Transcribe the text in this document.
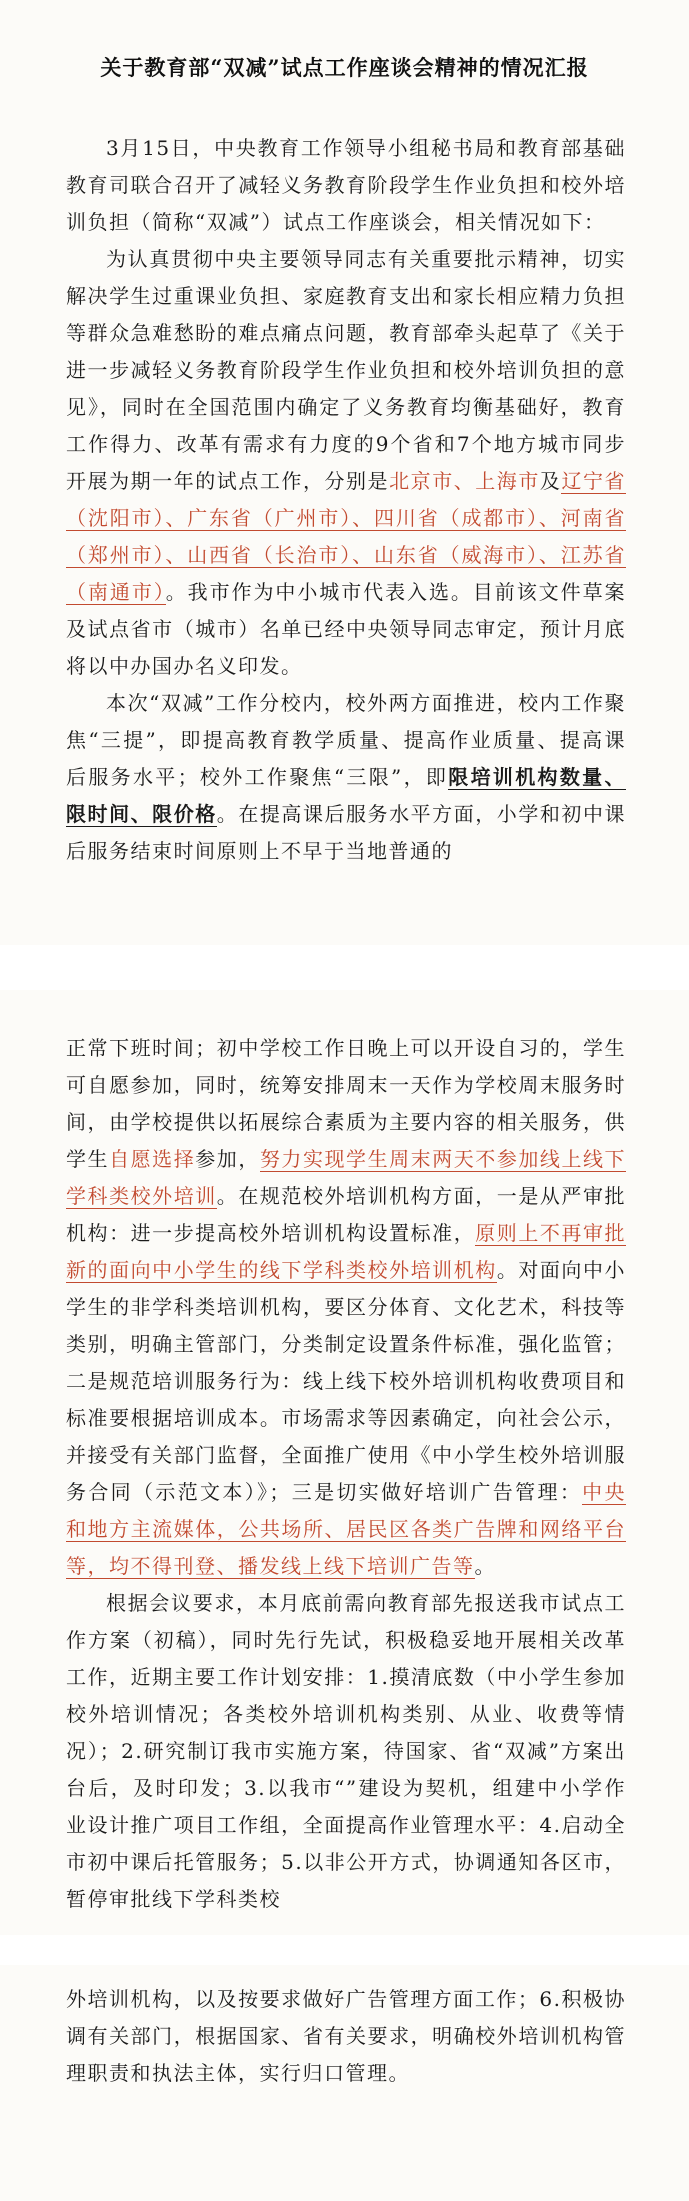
关于教育部“双减”试点工作座谈会精神的情况汇报

3月15日，中央教育工作领导小组秘书局和教育部基础教育司联合召开了减轻义务教育阶段学生作业负担和校外培训负担（简称“双减”）试点工作座谈会，相关情况如下：

为认真贯彻中央主要领导同志有关重要批示精神，切实解决学生过重课业负担、家庭教育支出和家长相应精力负担等群众急难愁盼的难点痛点问题，教育部牵头起草了《关于进一步减轻义务教育阶段学生作业负担和校外培训负担的意见》，同时在全国范围内确定了义务教育均衡基础好，教育工作得力、改革有需求有力度的9个省和7个地方城市同步开展为期一年的试点工作，分别是北京市、上海市及辽宁省（沈阳市）、广东省（广州市）、四川省（成都市）、河南省（郑州市）、山西省（长治市）、山东省（威海市）、江苏省（南通市）。我市作为中小城市代表入选。目前该文件草案及试点省市（城市）名单已经中央领导同志审定，预计月底将以中办国办名义印发。

本次“双减”工作分校内，校外两方面推进，校内工作聚焦“三提”，即提高教育教学质量、提高作业质量、提高课后服务水平；校外工作聚焦“三限”，即限培训机构数量、限时间、限价格。在提高课后服务水平方面，小学和初中课后服务结束时间原则上不早于当地普通的

正常下班时间；初中学校工作日晚上可以开设自习的，学生可自愿参加，同时，统筹安排周末一天作为学校周末服务时间，由学校提供以拓展综合素质为主要内容的相关服务，供学生自愿选择参加，努力实现学生周末两天不参加线上线下学科类校外培训。在规范校外培训机构方面，一是从严审批机构：进一步提高校外培训机构设置标准，原则上不再审批新的面向中小学生的线下学科类校外培训机构。对面向中小学生的非学科类培训机构，要区分体育、文化艺术，科技等类别，明确主管部门，分类制定设置条件标准，强化监管；二是规范培训服务行为：线上线下校外培训机构收费项目和标准要根据培训成本。市场需求等因素确定，向社会公示，并接受有关部门监督，全面推广使用《中小学生校外培训服务合同（示范文本）》；三是切实做好培训广告管理：中央和地方主流媒体，公共场所、居民区各类广告牌和网络平台等，均不得刊登、播发线上线下培训广告等。

根据会议要求，本月底前需向教育部先报送我市试点工作方案（初稿），同时先行先试，积极稳妥地开展相关改革工作，近期主要工作计划安排：1.摸清底数（中小学生参加校外培训情况；各类校外培训机构类别、从业、收费等情况）；2.研究制订我市实施方案，待国家、省“双减”方案出台后，及时印发；3.以我市“”建设为契机，组建中小学作业设计推广项目工作组，全面提高作业管理水平：4.启动全市初中课后托管服务；5.以非公开方式，协调通知各区市，暂停审批线下学科类校

外培训机构，以及按要求做好广告管理方面工作；6.积极协调有关部门，根据国家、省有关要求，明确校外培训机构管理职责和执法主体，实行归口管理。
